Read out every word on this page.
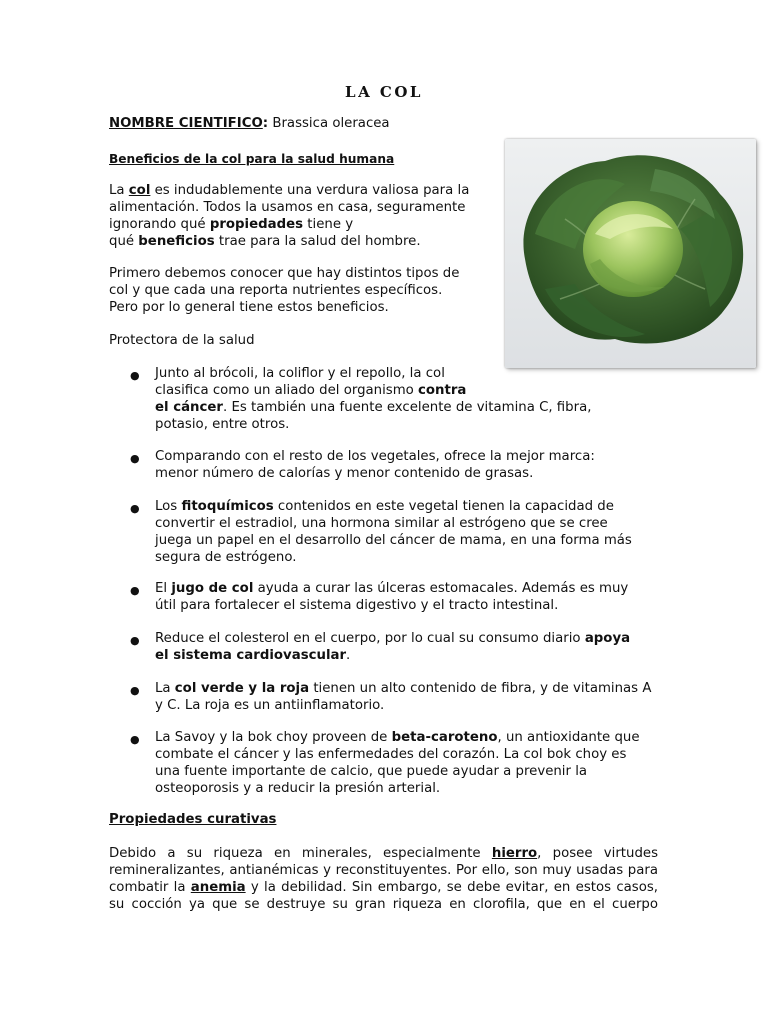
LA COL
NOMBRE CIENTIFICO: Brassica oleracea
Beneficios de la col para la salud humana
La col es indudablemente una verdura valiosa para la
alimentación. Todos la usamos en casa, seguramente
ignorando qué propiedades tiene y
qué beneficios trae para la salud del hombre.
Primero debemos conocer que hay distintos tipos de
col y que cada una reporta nutrientes específicos.
Pero por lo general tiene estos beneficios.
Protectora de la salud
● Junto al brócoli, la coliflor y el repollo, la col
clasifica como un aliado del organismo contra
el cáncer. Es también una fuente excelente de vitamina C, fibra,
potasio, entre otros.
● Comparando con el resto de los vegetales, ofrece la mejor marca:
menor número de calorías y menor contenido de grasas.
● Los fitoquímicos contenidos en este vegetal tienen la capacidad de
convertir el estradiol, una hormona similar al estrógeno que se cree
juega un papel en el desarrollo del cáncer de mama, en una forma más
segura de estrógeno.
● El jugo de col ayuda a curar las úlceras estomacales. Además es muy
útil para fortalecer el sistema digestivo y el tracto intestinal.
● Reduce el colesterol en el cuerpo, por lo cual su consumo diario apoya
el sistema cardiovascular.
● La col verde y la roja tienen un alto contenido de fibra, y de vitaminas A
y C. La roja es un antiinflamatorio.
● La Savoy y la bok choy proveen de beta-caroteno, un antioxidante que
combate el cáncer y las enfermedades del corazón. La col bok choy es
una fuente importante de calcio, que puede ayudar a prevenir la
osteoporosis y a reducir la presión arterial.
Propiedades curativas
Debido a su riqueza en minerales, especialmente hierro, posee virtudes
remineralizantes, antianémicas y reconstituyentes. Por ello, son muy usadas para
combatir la anemia y la debilidad. Sin embargo, se debe evitar, en estos casos,
su cocción ya que se destruye su gran riqueza en clorofila, que en el cuerpo
